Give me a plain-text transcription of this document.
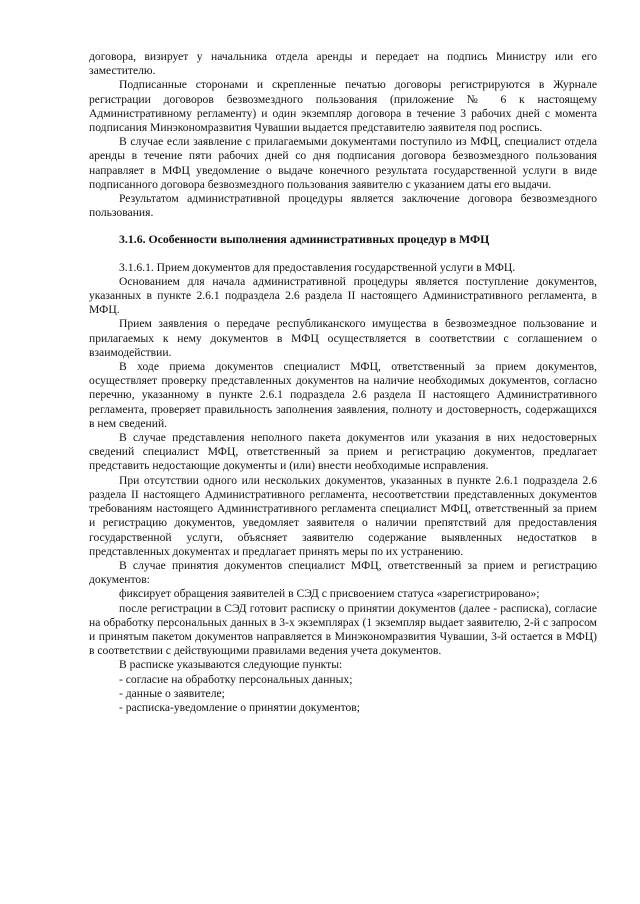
договора, визирует у начальника отдела аренды и передает на подпись Министру или его заместителю.

Подписанные сторонами и скрепленные печатью договоры регистрируются в Журнале регистрации договоров безвозмездного пользования (приложение № 6 к настоящему Административному регламенту) и один экземпляр договора в течение 3 рабочих дней с момента подписания Минэкономразвития Чувашии выдается представителю заявителя под роспись.

В случае если заявление с прилагаемыми документами поступило из МФЦ, специалист отдела аренды в течение пяти рабочих дней со дня подписания договора безвозмездного пользования направляет в МФЦ уведомление о выдаче конечного результата государственной услуги в виде подписанного договора безвозмездного пользования заявителю с указанием даты его выдачи.

Результатом административной процедуры является заключение договора безвозмездного пользования.

3.1.6. Особенности выполнения административных процедур в МФЦ

3.1.6.1. Прием документов для предоставления государственной услуги в МФЦ.

Основанием для начала административной процедуры является поступление документов, указанных в пункте 2.6.1 подраздела 2.6 раздела II настоящего Административного регламента, в МФЦ.

Прием заявления о передаче республиканского имущества в безвозмездное пользование и прилагаемых к нему документов в МФЦ осуществляется в соответствии с соглашением о взаимодействии.

В ходе приема документов специалист МФЦ, ответственный за прием документов, осуществляет проверку представленных документов на наличие необходимых документов, согласно перечню, указанному в пункте 2.6.1 подраздела 2.6 раздела II настоящего Административного регламента, проверяет правильность заполнения заявления, полноту и достоверность, содержащихся в нем сведений.

В случае представления неполного пакета документов или указания в них недостоверных сведений специалист МФЦ, ответственный за прием и регистрацию документов, предлагает представить недостающие документы и (или) внести необходимые исправления.

При отсутствии одного или нескольких документов, указанных в пункте 2.6.1 подраздела 2.6 раздела II настоящего Административного регламента, несоответствии представленных документов требованиям настоящего Административного регламента специалист МФЦ, ответственный за прием и регистрацию документов, уведомляет заявителя о наличии препятствий для предоставления государственной услуги, объясняет заявителю содержание выявленных недостатков в представленных документах и предлагает принять меры по их устранению.

В случае принятия документов специалист МФЦ, ответственный за прием и регистрацию документов:

фиксирует обращения заявителей в СЭД с присвоением статуса «зарегистрировано»;

после регистрации в СЭД готовит расписку о принятии документов (далее - расписка), согласие на обработку персональных данных в 3-х экземплярах (1 экземпляр выдает заявителю, 2-й с запросом и принятым пакетом документов направляется в Минэкономразвития Чувашии, 3-й остается в МФЦ) в соответствии с действующими правилами ведения учета документов.

В расписке указываются следующие пункты:

- согласие на обработку персональных данных;

- данные о заявителе;

- расписка-уведомление о принятии документов;
